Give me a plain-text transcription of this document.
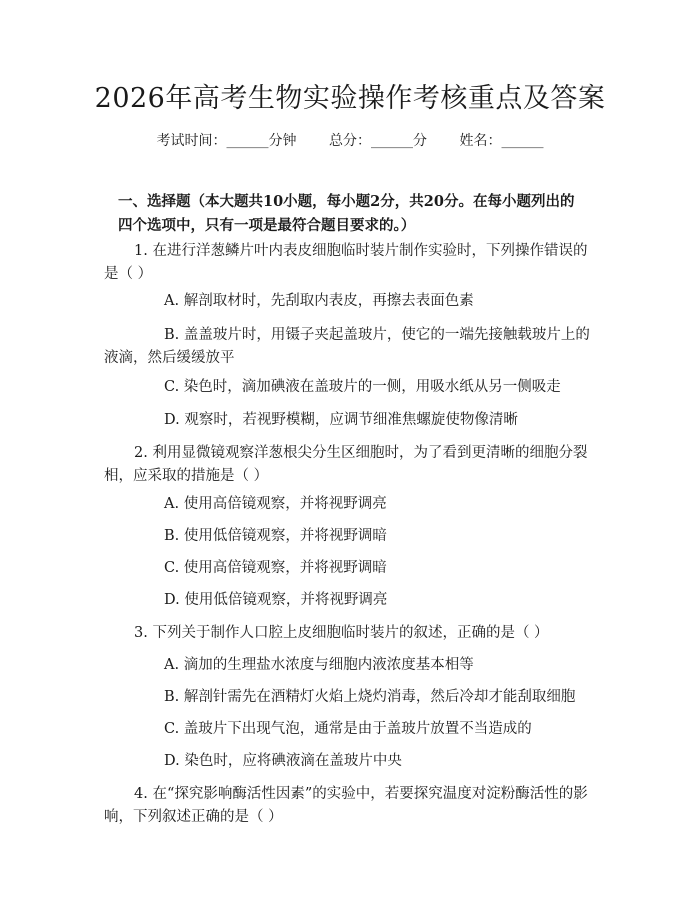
2026年高考生物实验操作考核重点及答案
考试时间：______分钟 总分：______分 姓名：______
一、选择题（本大题共10小题，每小题2分，共20分。在每小题列出的四个选项中，只有一项是最符合题目要求的。）
1. 在进行洋葱鳞片叶内表皮细胞临时装片制作实验时，下列操作错误的是（ ）
A. 解剖取材时，先刮取内表皮，再擦去表面色素
B. 盖盖玻片时，用镊子夹起盖玻片，使它的一端先接触载玻片上的液滴，然后缓缓放平
C. 染色时，滴加碘液在盖玻片的一侧，用吸水纸从另一侧吸走
D. 观察时，若视野模糊，应调节细准焦螺旋使物像清晰
2. 利用显微镜观察洋葱根尖分生区细胞时，为了看到更清晰的细胞分裂相，应采取的措施是（ ）
A. 使用高倍镜观察，并将视野调亮
B. 使用低倍镜观察，并将视野调暗
C. 使用高倍镜观察，并将视野调暗
D. 使用低倍镜观察，并将视野调亮
3. 下列关于制作人口腔上皮细胞临时装片的叙述，正确的是（ ）
A. 滴加的生理盐水浓度与细胞内液浓度基本相等
B. 解剖针需先在酒精灯火焰上烧灼消毒，然后冷却才能刮取细胞
C. 盖玻片下出现气泡，通常是由于盖玻片放置不当造成的
D. 染色时，应将碘液滴在盖玻片中央
4. 在“探究影响酶活性因素”的实验中，若要探究温度对淀粉酶活性的影响，下列叙述正确的是（ ）
